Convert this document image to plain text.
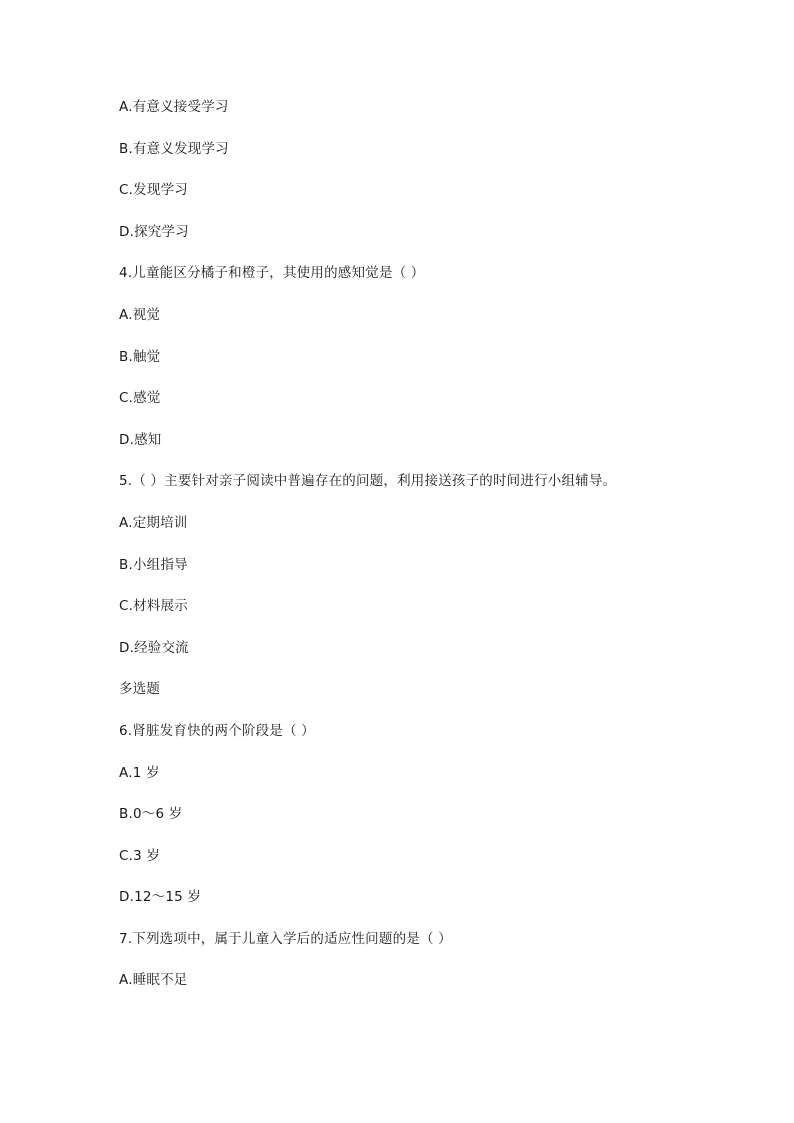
A.有意义接受学习
B.有意义发现学习
C.发现学习
D.探究学习
4.儿童能区分橘子和橙子，其使用的感知觉是（ ）
A.视觉
B.触觉
C.感觉
D.感知
5.（ ）主要针对亲子阅读中普遍存在的问题，利用接送孩子的时间进行小组辅导。
A.定期培训
B.小组指导
C.材料展示
D.经验交流
多选题
6.肾脏发育快的两个阶段是（ ）
A.1 岁
B.0～6 岁
C.3 岁
D.12～15 岁
7.下列选项中，属于儿童入学后的适应性问题的是（ ）
A.睡眠不足
